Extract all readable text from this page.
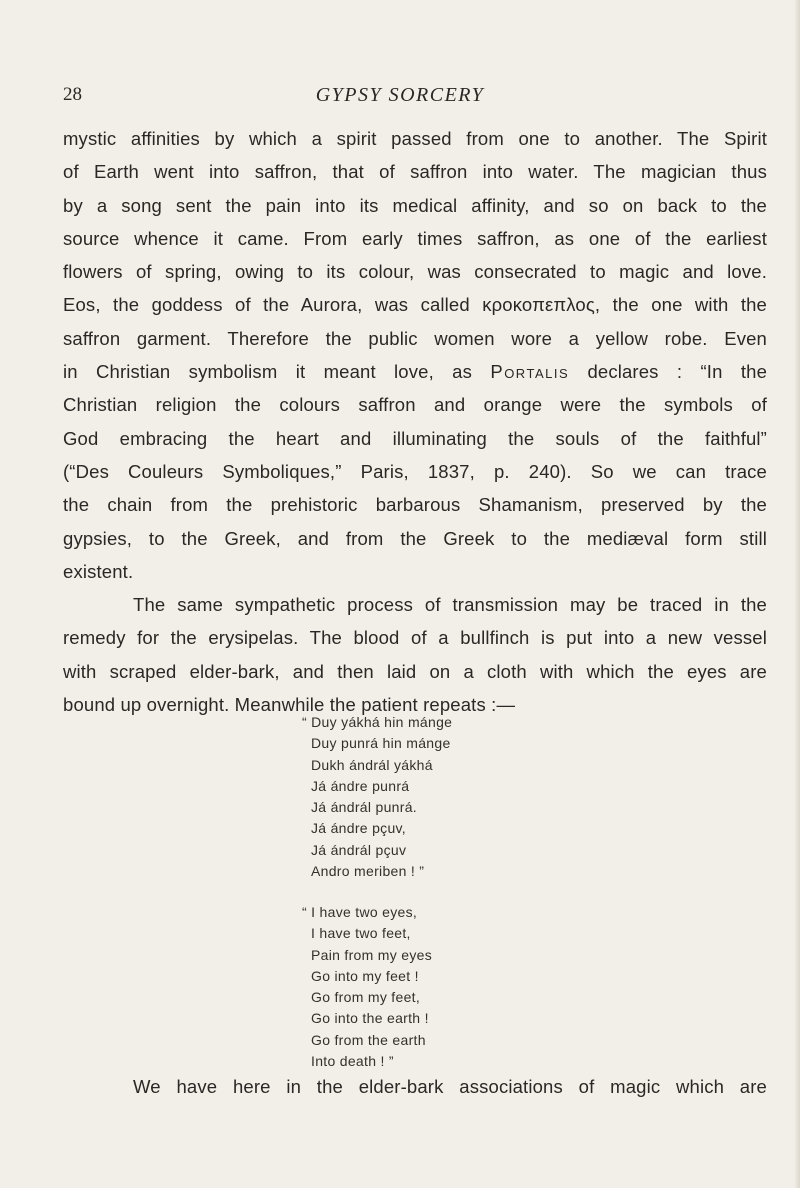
28	GYPSY SORCERY
mystic affinities by which a spirit passed from one to another. The Spirit
of Earth went into saffron, that of saffron into water. The magician thus
by a song sent the pain into its medical affinity, and so on back to the
source whence it came. From early times saffron, as one of the earliest
flowers of spring, owing to its colour, was consecrated to magic and love.
Eos, the goddess of the Aurora, was called κροκοπεπλος, the one with the
saffron garment. Therefore the public women wore a yellow robe. Even
in Christian symbolism it meant love, as Portalis declares : “In the
Christian religion the colours saffron and orange were the symbols of
God embracing the heart and illuminating the souls of the faithful”
(“Des Couleurs Symboliques,” Paris, 1837, p. 240). So we can trace
the chain from the prehistoric barbarous Shamanism, preserved by the
gypsies, to the Greek, and from the Greek to the mediæval form still
existent.
The same sympathetic process of transmission may be traced in the
remedy for the erysipelas. The blood of a bullfinch is put into a new vessel
with scraped elder-bark, and then laid on a cloth with which the eyes are
bound up overnight. Meanwhile the patient repeats :—
“ Duy yákhá hin mánge
Duy punrá hin mánge
Dukh ándrál yákhá
Já ándre punrá
Já ándrál punrá.
Já ándre pçuv,
Já ándrál pçuv
Andro meriben ! ”
“ I have two eyes,
I have two feet,
Pain from my eyes
Go into my feet !
Go from my feet,
Go into the earth !
Go from the earth
Into death ! ”
We have here in the elder-bark associations of magic which are
